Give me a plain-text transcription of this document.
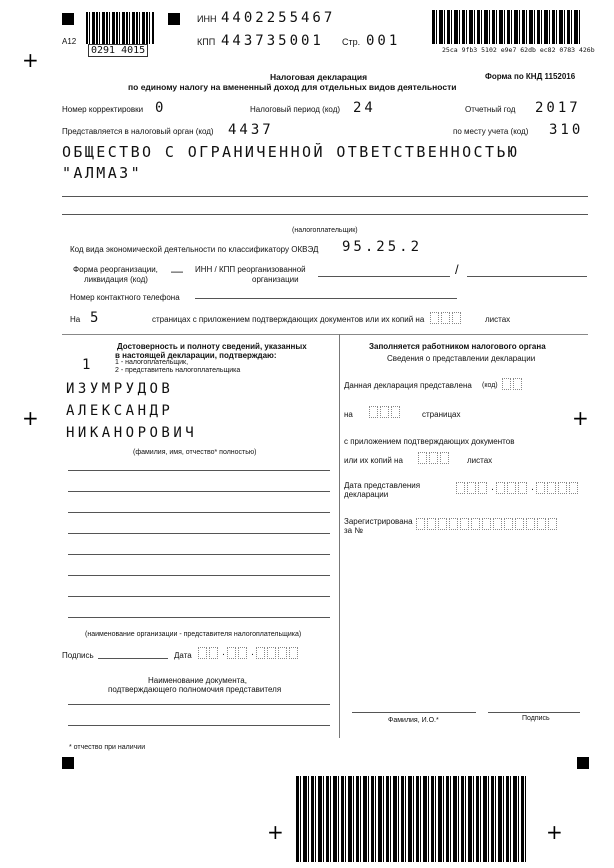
+
+	+
+	+
A12
0291 4015
ИНН 4402255467
КПП 443735001 Стр. 001
25ca 9fb3 5102 e9e7 62db ec82 0783 426b
Налоговая декларация
по единому налогу на вмененный доход для отдельных видов деятельности
Форма по КНД 1152016
Номер корректировки 0	Налоговый период (код) 24	Отчетный год 2017
Представляется в налоговый орган (код) 4437	по месту учета (код) 310
ОБЩЕСТВО С ОГРАНИЧЕННОЙ ОТВЕТСТВЕННОСТЬЮ
"АЛМАЗ"
(налогоплательщик)
Код вида экономической деятельности по классификатору ОКВЭД 95.25.2
Форма реорганизации,
ликвидация (код)
— ИНН / КПП реорганизованной
организации
/
Номер контактного телефона
На 5	страницах с приложением подтверждающих документов или их копий на	листах
Достоверность и полноту сведений, указанных
в настоящей декларации, подтверждаю:
1	1 - налогоплательщик,
2 - представитель налогоплательщика
ИЗУМРУДОВ
АЛЕКСАНДР
НИКАНОРОВИЧ
(фамилия, имя, отчество* полностью)
(наименование организации - представителя налогоплательщика)
Подпись	Дата	.	.
Наименование документа,
подтверждающего полномочия представителя
* отчество при наличии
Заполняется работником налогового органа
Сведения о представлении декларации
Данная декларация представлена (код)
на	страницах
с приложением подтверждающих документов
или их копий на	листах
Дата представления
декларации
.	.
Зарегистрирована
за №
Фамилия, И.О.*	Подпись
